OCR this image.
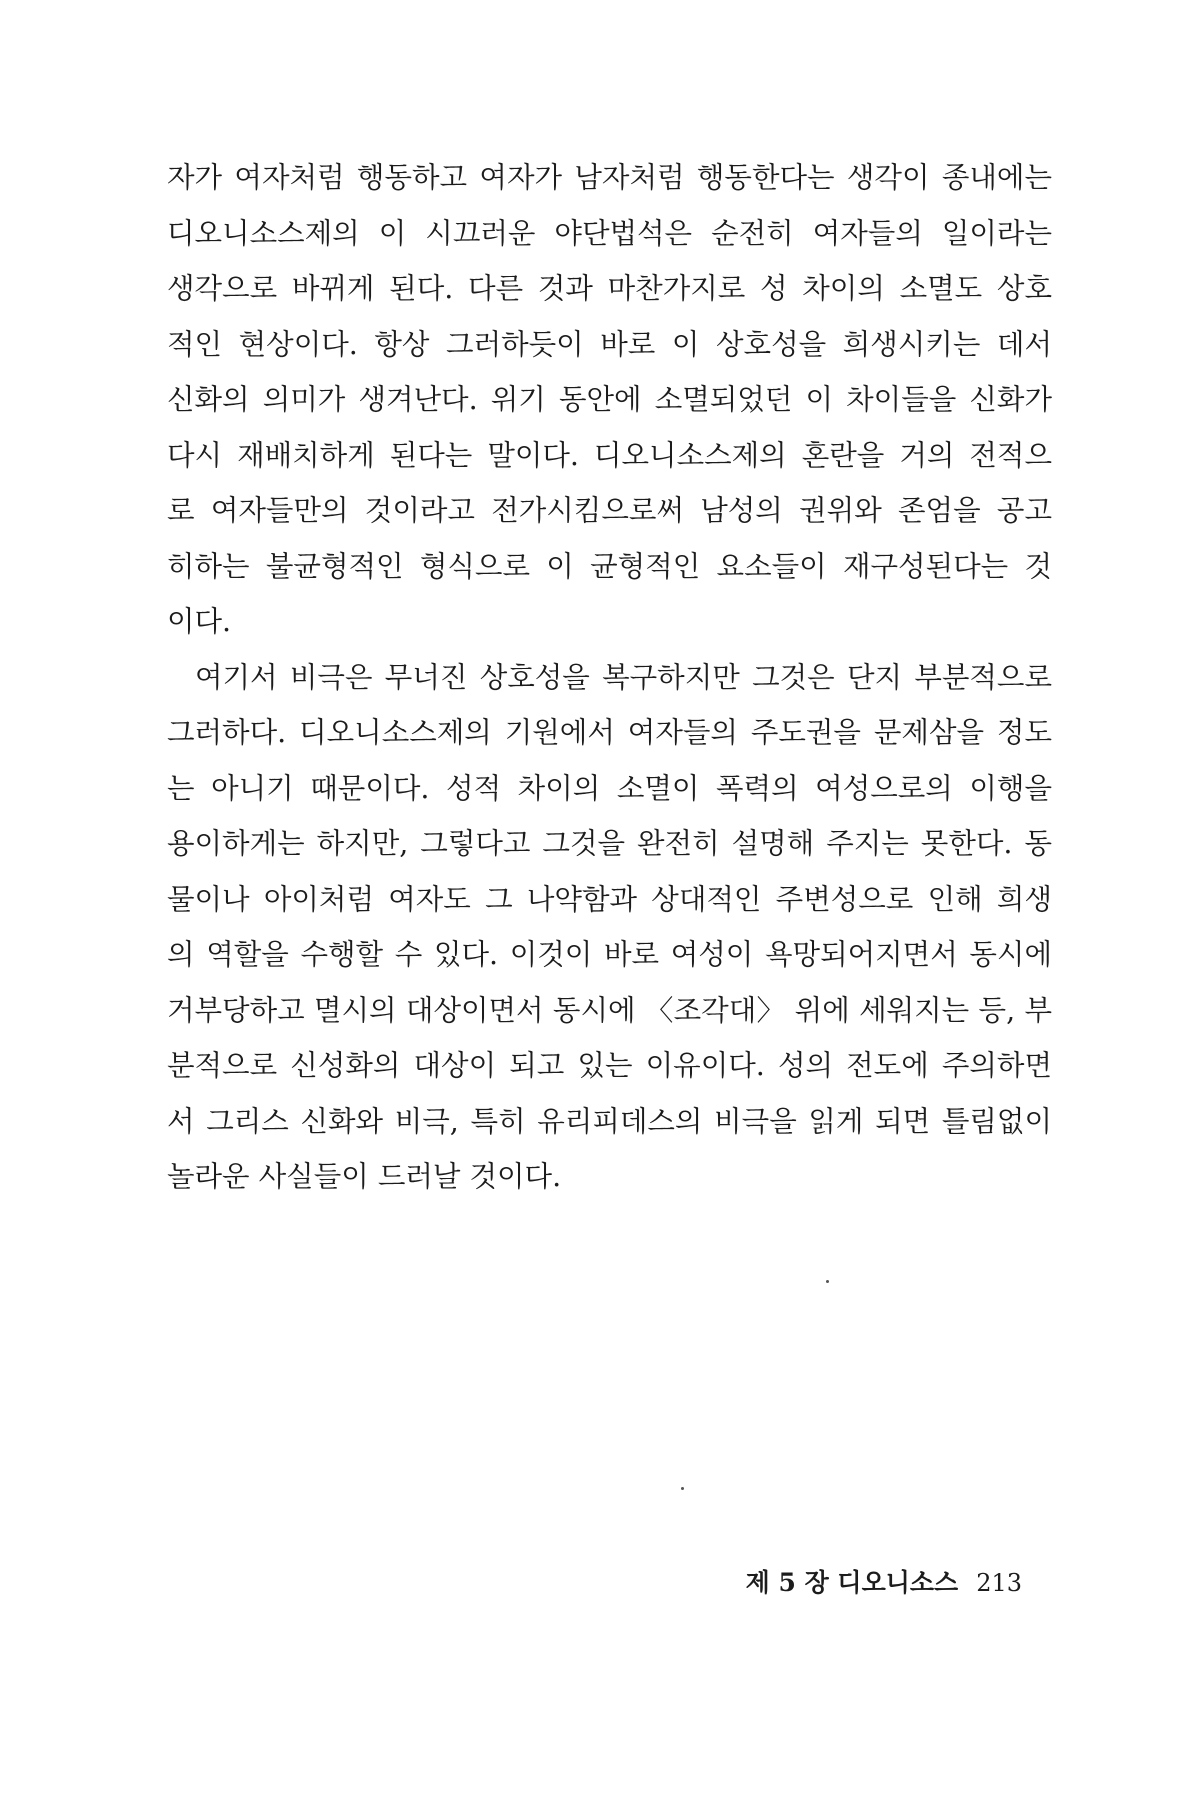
자가 여자처럼 행동하고 여자가 남자처럼 행동한다는 생각이 종내에는
디오니소스제의 이 시끄러운 야단법석은 순전히 여자들의 일이라는
생각으로 바뀌게 된다. 다른 것과 마찬가지로 성 차이의 소멸도 상호
적인 현상이다. 항상 그러하듯이 바로 이 상호성을 희생시키는 데서
신화의 의미가 생겨난다. 위기 동안에 소멸되었던 이 차이들을 신화가
다시 재배치하게 된다는 말이다. 디오니소스제의 혼란을 거의 전적으
로 여자들만의 것이라고 전가시킴으로써 남성의 권위와 존엄을 공고
히하는 불균형적인 형식으로 이 균형적인 요소들이 재구성된다는 것
이다.
여기서 비극은 무너진 상호성을 복구하지만 그것은 단지 부분적으로
그러하다. 디오니소스제의 기원에서 여자들의 주도권을 문제삼을 정도
는 아니기 때문이다. 성적 차이의 소멸이 폭력의 여성으로의 이행을
용이하게는 하지만, 그렇다고 그것을 완전히 설명해 주지는 못한다. 동
물이나 아이처럼 여자도 그 나약함과 상대적인 주변성으로 인해 희생
의 역할을 수행할 수 있다. 이것이 바로 여성이 욕망되어지면서 동시에
거부당하고 멸시의 대상이면서 동시에 〈조각대〉 위에 세워지는 등, 부
분적으로 신성화의 대상이 되고 있는 이유이다. 성의 전도에 주의하면
서 그리스 신화와 비극, 특히 유리피데스의 비극을 읽게 되면 틀림없이
놀라운 사실들이 드러날 것이다.
제 5 장 디오니소스 213
